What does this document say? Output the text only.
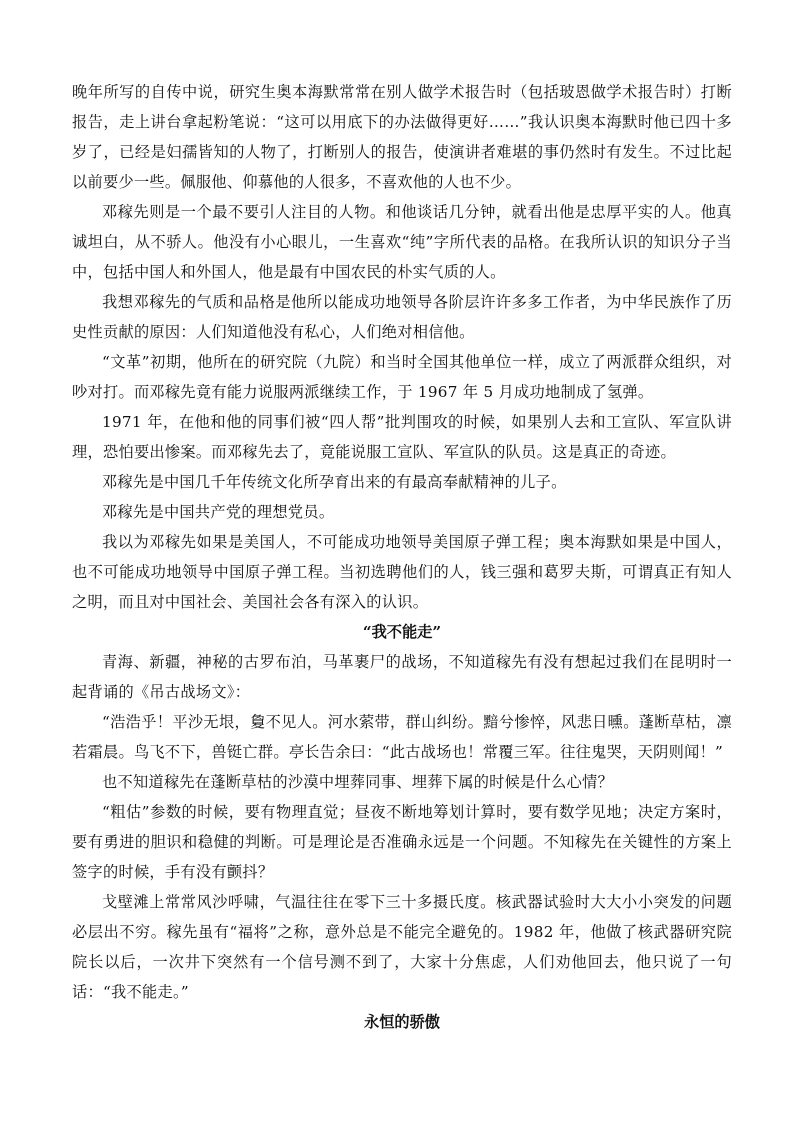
晚年所写的自传中说，研究生奥本海默常常在别人做学术报告时（包括玻恩做学术报告时）打断报告，走上讲台拿起粉笔说：“这可以用底下的办法做得更好……”我认识奥本海默时他已四十多岁了，已经是妇孺皆知的人物了，打断别人的报告，使演讲者难堪的事仍然时有发生。不过比起以前要少一些。佩服他、仰慕他的人很多，不喜欢他的人也不少。

邓稼先则是一个最不要引人注目的人物。和他谈话几分钟，就看出他是忠厚平实的人。他真诚坦白，从不骄人。他没有小心眼儿，一生喜欢“纯”字所代表的品格。在我所认识的知识分子当中，包括中国人和外国人，他是最有中国农民的朴实气质的人。

我想邓稼先的气质和品格是他所以能成功地领导各阶层许许多多工作者，为中华民族作了历史性贡献的原因：人们知道他没有私心，人们绝对相信他。

“文革”初期，他所在的研究院（九院）和当时全国其他单位一样，成立了两派群众组织，对吵对打。而邓稼先竟有能力说服两派继续工作，于 1967 年 5 月成功地制成了氢弹。

1971 年，在他和他的同事们被“四人帮”批判围攻的时候，如果别人去和工宣队、军宣队讲理，恐怕要出惨案。而邓稼先去了，竟能说服工宣队、军宣队的队员。这是真正的奇迹。

邓稼先是中国几千年传统文化所孕育出来的有最高奉献精神的儿子。

邓稼先是中国共产党的理想党员。

我以为邓稼先如果是美国人，不可能成功地领导美国原子弹工程；奥本海默如果是中国人，也不可能成功地领导中国原子弹工程。当初选聘他们的人，钱三强和葛罗夫斯，可谓真正有知人之明，而且对中国社会、美国社会各有深入的认识。

“我不能走”

青海、新疆，神秘的古罗布泊，马革裹尸的战场，不知道稼先有没有想起过我们在昆明时一起背诵的《吊古战场文》：

“浩浩乎！平沙无垠，敻不见人。河水萦带，群山纠纷。黯兮惨悴，风悲日曛。蓬断草枯，凛若霜晨。鸟飞不下，兽铤亡群。亭长告余曰：“此古战场也！常覆三军。往往鬼哭，天阴则闻！”

也不知道稼先在蓬断草枯的沙漠中埋葬同事、埋葬下属的时候是什么心情？

“粗估”参数的时候，要有物理直觉；昼夜不断地筹划计算时，要有数学见地；决定方案时，要有勇进的胆识和稳健的判断。可是理论是否准确永远是一个问题。不知稼先在关键性的方案上签字的时候，手有没有颤抖？

戈壁滩上常常风沙呼啸，气温往往在零下三十多摄氏度。核武器试验时大大小小突发的问题必层出不穷。稼先虽有“福将”之称，意外总是不能完全避免的。1982 年，他做了核武器研究院院长以后，一次井下突然有一个信号测不到了，大家十分焦虑，人们劝他回去，他只说了一句话：“我不能走。”

永恒的骄傲
